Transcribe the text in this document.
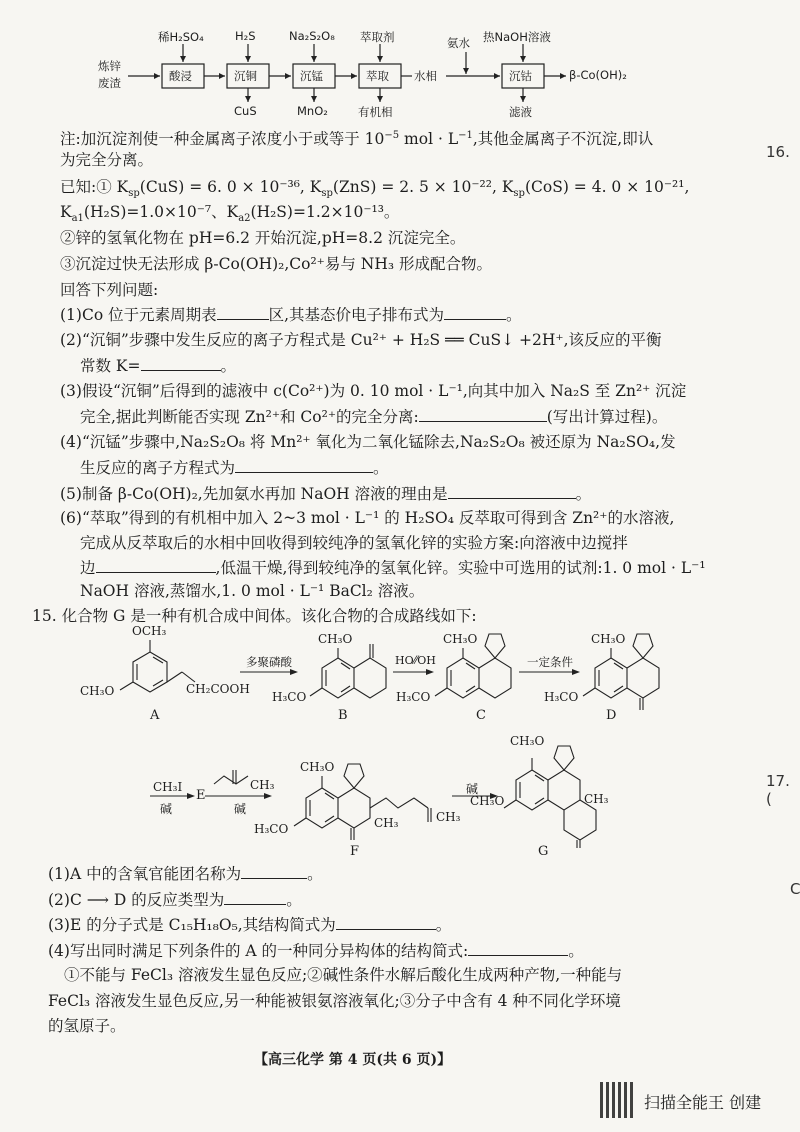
炼锌
废渣
稀H₂SO₄	H₂S	Na₂S₂O₈ 萃取剂	氨水 热NaOH溶液
酸浸	沉铜	沉锰	萃取	沉钴
水相	β-Co(OH)₂
CuS	MnO₂	有机相	滤液
注:加沉淀剂使一种金属离子浓度小于或等于 $10^{-5}$ mol · $L^{-1}$,其他金属离子不沉淀,即认
为完全分离。
已知:① $K_{sp}(CuS) = 6$. 0 × 10⁻³⁶, $K_{sp}(ZnS) = 2$. 5 × 10⁻²², $K_{sp}(CoS) = 4$. 0 × 10⁻²¹,
$K_{a1}(H_2S)=1.0\times 10^{-7}$、$K_{a2}(H_2S)=1.2\times 10^{-13}$。
②锌的氢氧化物在 pH=6.2 开始沉淀,pH=8.2 沉淀完全。
③沉淀过快无法形成 β-Co(OH)₂,Co²⁺易与 NH₃ 形成配合物。
回答下列问题:
(1)Co 位于元素周期表	区,其基态价电子排布式为	。
(2)“沉铜”步骤中发生反应的离子方程式是 Cu²⁺ + H₂S ══ CuS↓ +2H⁺,该反应的平衡
常数 K=	。
(3)假设“沉铜”后得到的滤液中 c(Co²⁺)为 0. 10 mol · L⁻¹,向其中加入 Na₂S 至 Zn²⁺ 沉淀
完全,据此判断能否实现 Zn²⁺和 Co²⁺的完全分离:	(写出计算过程)。
(4)“沉锰”步骤中,Na₂S₂O₈ 将 Mn²⁺ 氧化为二氧化锰除去,Na₂S₂O₈ 被还原为 Na₂SO₄,发
生反应的离子方程式为	。
(5)制备 β-Co(OH)₂,先加氨水再加 NaOH 溶液的理由是	。
(6)“萃取”得到的有机相中加入 2~3 mol · L⁻¹ 的 H₂SO₄ 反萃取可得到含 Zn²⁺的水溶液,
完成从反萃取后的水相中回收得到较纯净的氢氧化锌的实验方案:向溶液中边搅拌
边	,低温干燥,得到较纯净的氢氧化锌。实验中可选用的试剂:1. 0 mol · L⁻¹
NaOH 溶液,蒸馏水,1. 0 mol · L⁻¹ BaCl₂ 溶液。
15. 化合物 G 是一种有机合成中间体。该化合物的合成路线如下:
OCH₃
CH₃O	CH₂COOH
A
多聚磷酸
CH₃O
H₃CO
B
HO⁄⁄OH
CH₃O
H₃CO
C
一定条件
CH₃O
H₃CO
D
CH₃I
碱
E
CH₃
碱
CH₃O
H₃CO	CH₃	CH₃
F
碱
CH₃O
CH₃O	CH₃
G
(1)A 中的含氧官能团名称为	。
(2)C ⟶ D 的反应类型为	。
(3)E 的分子式是 C₁₅H₁₈O₅,其结构简式为	。
(4)写出同时满足下列条件的 A 的一种同分异构体的结构简式:	。
①不能与 FeCl₃ 溶液发生显色反应;②碱性条件水解后酸化生成两种产物,一种能与
FeCl₃ 溶液发生显色反应,另一种能被银氨溶液氧化;③分子中含有 4 种不同化学环境
的氢原子。
16.
17. (
C
【高三化学 第 4 页(共 6 页)】
扫描全能王 创建
